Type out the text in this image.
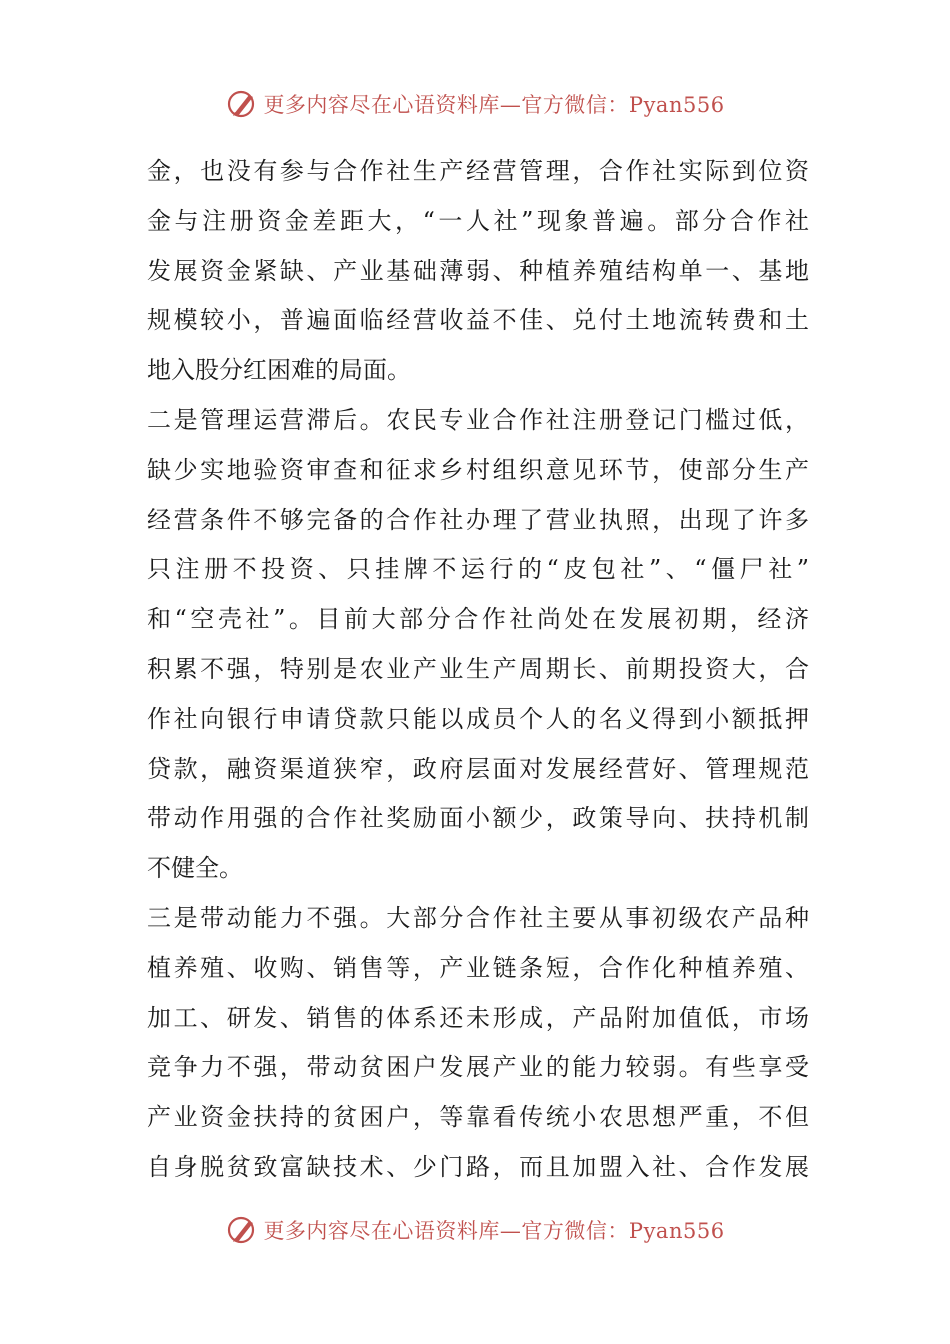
更多内容尽在心语资料库—官方微信：Pyan556
金，也没有参与合作社生产经营管理，合作社实际到位资
金与注册资金差距大，“一人社”现象普遍。部分合作社
发展资金紧缺、产业基础薄弱、种植养殖结构单一、基地
规模较小，普遍面临经营收益不佳、兑付土地流转费和土
地入股分红困难的局面。
二是管理运营滞后。农民专业合作社注册登记门槛过低，
缺少实地验资审查和征求乡村组织意见环节，使部分生产
经营条件不够完备的合作社办理了营业执照，出现了许多
只注册不投资、只挂牌不运行的“皮包社”、“僵尸社”
和“空壳社”。目前大部分合作社尚处在发展初期，经济
积累不强，特别是农业产业生产周期长、前期投资大，合
作社向银行申请贷款只能以成员个人的名义得到小额抵押
贷款，融资渠道狭窄，政府层面对发展经营好、管理规范
带动作用强的合作社奖励面小额少，政策导向、扶持机制
不健全。
三是带动能力不强。大部分合作社主要从事初级农产品种
植养殖、收购、销售等，产业链条短，合作化种植养殖、
加工、研发、销售的体系还未形成，产品附加值低，市场
竞争力不强，带动贫困户发展产业的能力较弱。有些享受
产业资金扶持的贫困户，等靠看传统小农思想严重，不但
自身脱贫致富缺技术、少门路，而且加盟入社、合作发展
更多内容尽在心语资料库—官方微信：Pyan556
